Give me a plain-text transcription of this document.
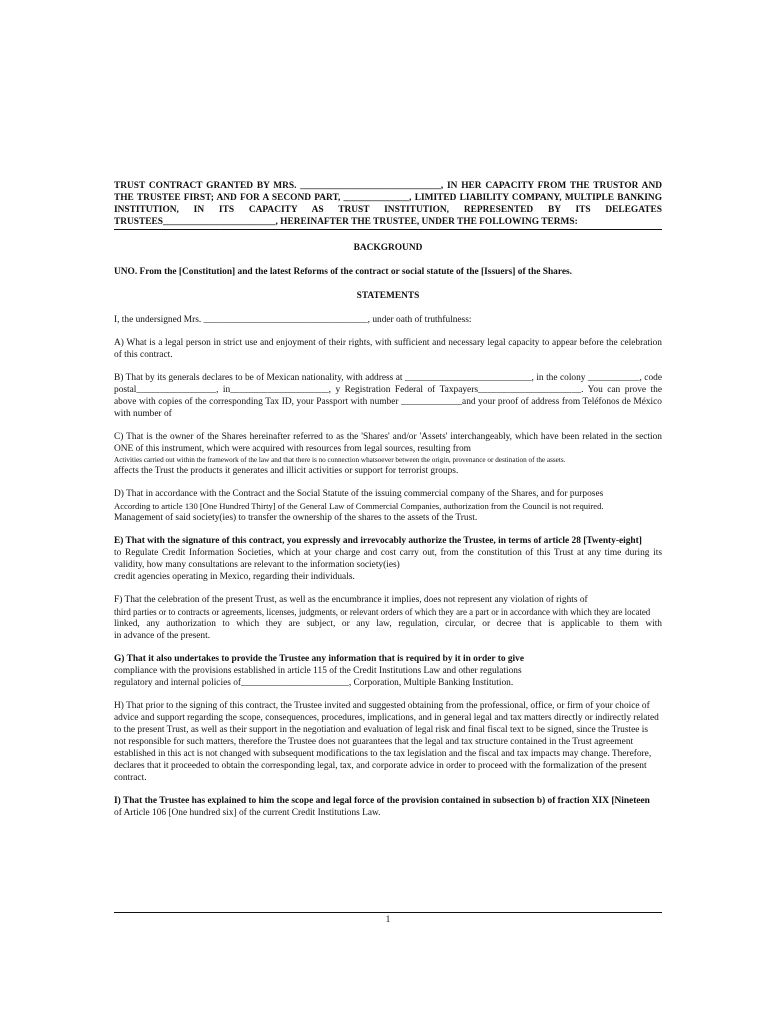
TRUST CONTRACT GRANTED BY MRS. ______________________________, IN HER CAPACITY FROM THE TRUSTOR AND THE TRUSTEE FIRST; AND FOR A SECOND PART, ______________, LIMITED LIABILITY COMPANY, MULTIPLE BANKING INSTITUTION, IN ITS CAPACITY AS TRUST INSTITUTION, REPRESENTED BY ITS DELEGATES TRUSTEES________________________, HEREINAFTER THE TRUSTEE, UNDER THE FOLLOWING TERMS:
BACKGROUND

UNO. From the [Constitution] and the latest Reforms of the contract or social statute of the [Issuers] of the Shares.

STATEMENTS

I, the undersigned Mrs. ___________________________________, under oath of truthfulness:

A) What is a legal person in strict use and enjoyment of their rights, with sufficient and necessary legal capacity to appear before the celebration of this contract.

B) That by its generals declares to be of Mexican nationality, with address at ___________________________, in the colony ___________, code postal_________________, in_____________________, y Registration Federal of Taxpayers______________________. You can prove the above with copies of the corresponding Tax ID, your Passport with number _____________and your proof of address from Teléfonos de México with number of

C) That is the owner of the Shares hereinafter referred to as the 'Shares' and/or 'Assets' interchangeably, which have been related in the section ONE of this instrument, which were acquired with resources from legal sources, resulting from
Activities carried out within the framework of the law and that there is no connection whatsoever between the origin, provenance or destination of the assets.
affects the Trust the products it generates and illicit activities or support for terrorist groups.

D) That in accordance with the Contract and the Social Statute of the issuing commercial company of the Shares, and for purposes
According to article 130 [One Hundred Thirty] of the General Law of Commercial Companies, authorization from the Council is not required.
Management of said society(ies) to transfer the ownership of the shares to the assets of the Trust.

E) That with the signature of this contract, you expressly and irrevocably authorize the Trustee, in terms of article 28 [Twenty-eight]
to Regulate Credit Information Societies, which at your charge and cost carry out, from the constitution of this Trust at any time during its validity, how many consultations are relevant to the information society(ies)
credit agencies operating in Mexico, regarding their individuals.

F) That the celebration of the present Trust, as well as the encumbrance it implies, does not represent any violation of rights of
third parties or to contracts or agreements, licenses, judgments, or relevant orders of which they are a part or in accordance with which they are located
linked, any authorization to which they are subject, or any law, regulation, circular, or decree that is applicable to them with
in advance of the present.

G) That it also undertakes to provide the Trustee any information that is required by it in order to give
compliance with the provisions established in article 115 of the Credit Institutions Law and other regulations
regulatory and internal policies of_______________________, Corporation, Multiple Banking Institution.

H) That prior to the signing of this contract, the Trustee invited and suggested obtaining from the professional, office, or firm of your choice of advice and support regarding the scope, consequences, procedures, implications, and in general legal and tax matters directly or indirectly related to the present Trust, as well as their support in the negotiation and evaluation of legal risk and final fiscal text to be signed, since the Trustee is not responsible for such matters, therefore the Trustee does not guarantees that the legal and tax structure contained in the Trust agreement established in this act is not changed with subsequent modifications to the tax legislation and the fiscal and tax impacts may change. Therefore, declares that it proceeded to obtain the corresponding legal, tax, and corporate advice in order to proceed with the formalization of the present contract.

I) That the Trustee has explained to him the scope and legal force of the provision contained in subsection b) of fraction XIX [Nineteen
of Article 106 [One hundred six] of the current Credit Institutions Law.

1
